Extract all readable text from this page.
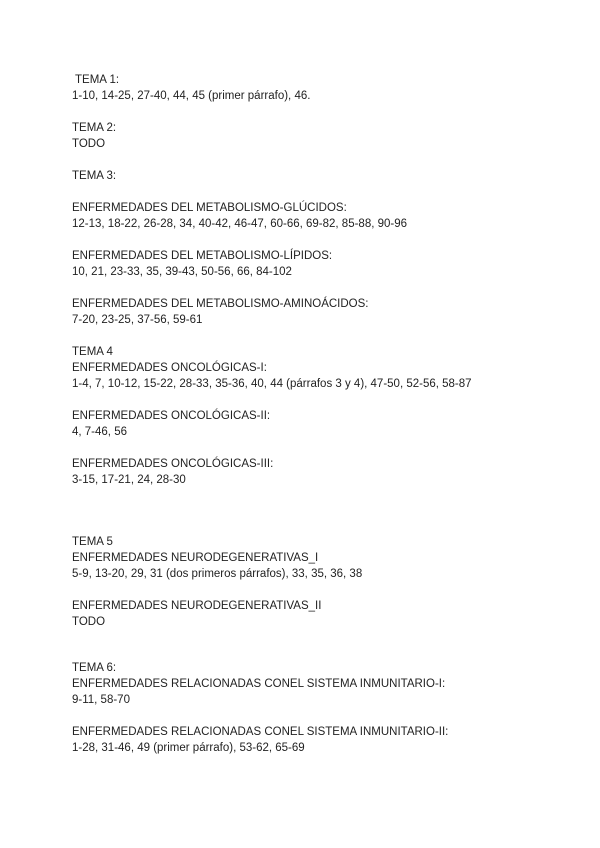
TEMA 1:
1-10, 14-25, 27-40, 44, 45 (primer párrafo), 46.
TEMA 2:
TODO
TEMA 3:
ENFERMEDADES DEL METABOLISMO-GLÚCIDOS:
12-13, 18-22, 26-28, 34, 40-42, 46-47, 60-66, 69-82, 85-88, 90-96
ENFERMEDADES DEL METABOLISMO-LÍPIDOS:
10, 21, 23-33, 35, 39-43, 50-56, 66, 84-102
ENFERMEDADES DEL METABOLISMO-AMINOÁCIDOS:
7-20, 23-25, 37-56, 59-61
TEMA 4
ENFERMEDADES ONCOLÓGICAS-I:
1-4, 7, 10-12, 15-22, 28-33, 35-36, 40, 44 (párrafos 3 y 4), 47-50, 52-56, 58-87
ENFERMEDADES ONCOLÓGICAS-II:
4, 7-46, 56
ENFERMEDADES ONCOLÓGICAS-III:
3-15, 17-21, 24, 28-30
TEMA 5
ENFERMEDADES NEURODEGENERATIVAS_I
5-9, 13-20, 29, 31 (dos primeros párrafos), 33, 35, 36, 38
ENFERMEDADES NEURODEGENERATIVAS_II
TODO
TEMA 6:
ENFERMEDADES RELACIONADAS CONEL SISTEMA INMUNITARIO-I:
9-11, 58-70
ENFERMEDADES RELACIONADAS CONEL SISTEMA INMUNITARIO-II:
1-28, 31-46, 49 (primer párrafo), 53-62, 65-69
